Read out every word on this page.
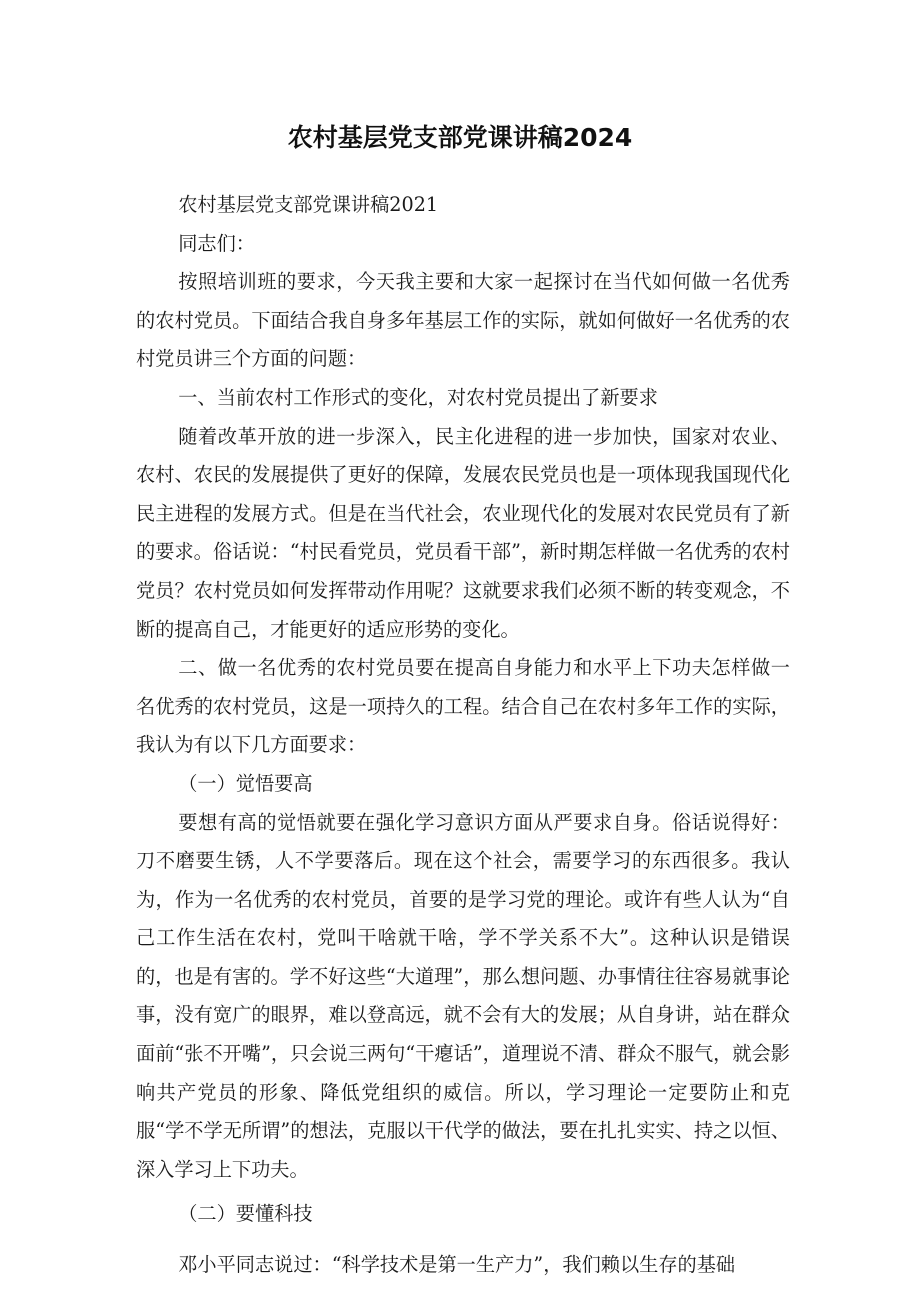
农村基层党支部党课讲稿2024

农村基层党支部党课讲稿2021

同志们：

按照培训班的要求，今天我主要和大家一起探讨在当代如何做一名优秀的农村党员。下面结合我自身多年基层工作的实际，就如何做好一名优秀的农村党员讲三个方面的问题：

一、当前农村工作形式的变化，对农村党员提出了新要求

随着改革开放的进一步深入，民主化进程的进一步加快，国家对农业、农村、农民的发展提供了更好的保障，发展农民党员也是一项体现我国现代化民主进程的发展方式。但是在当代社会，农业现代化的发展对农民党员有了新的要求。俗话说：“村民看党员，党员看干部”，新时期怎样做一名优秀的农村党员？农村党员如何发挥带动作用呢？这就要求我们必须不断的转变观念，不断的提高自己，才能更好的适应形势的变化。

二、做一名优秀的农村党员要在提高自身能力和水平上下功夫怎样做一名优秀的农村党员，这是一项持久的工程。结合自己在农村多年工作的实际，我认为有以下几方面要求：

（一）觉悟要高

要想有高的觉悟就要在强化学习意识方面从严要求自身。俗话说得好：刀不磨要生锈，人不学要落后。现在这个社会，需要学习的东西很多。我认为，作为一名优秀的农村党员，首要的是学习党的理论。或许有些人认为“自己工作生活在农村，党叫干啥就干啥，学不学关系不大”。这种认识是错误的，也是有害的。学不好这些“大道理”，那么想问题、办事情往往容易就事论事，没有宽广的眼界，难以登高远，就不会有大的发展；从自身讲，站在群众面前“张不开嘴”，只会说三两句“干瘪话”，道理说不清、群众不服气，就会影响共产党员的形象、降低党组织的威信。所以，学习理论一定要防止和克服“学不学无所谓”的想法，克服以干代学的做法，要在扎扎实实、持之以恒、深入学习上下功夫。

（二）要懂科技

邓小平同志说过：“科学技术是第一生产力”，我们赖以生存的基础
